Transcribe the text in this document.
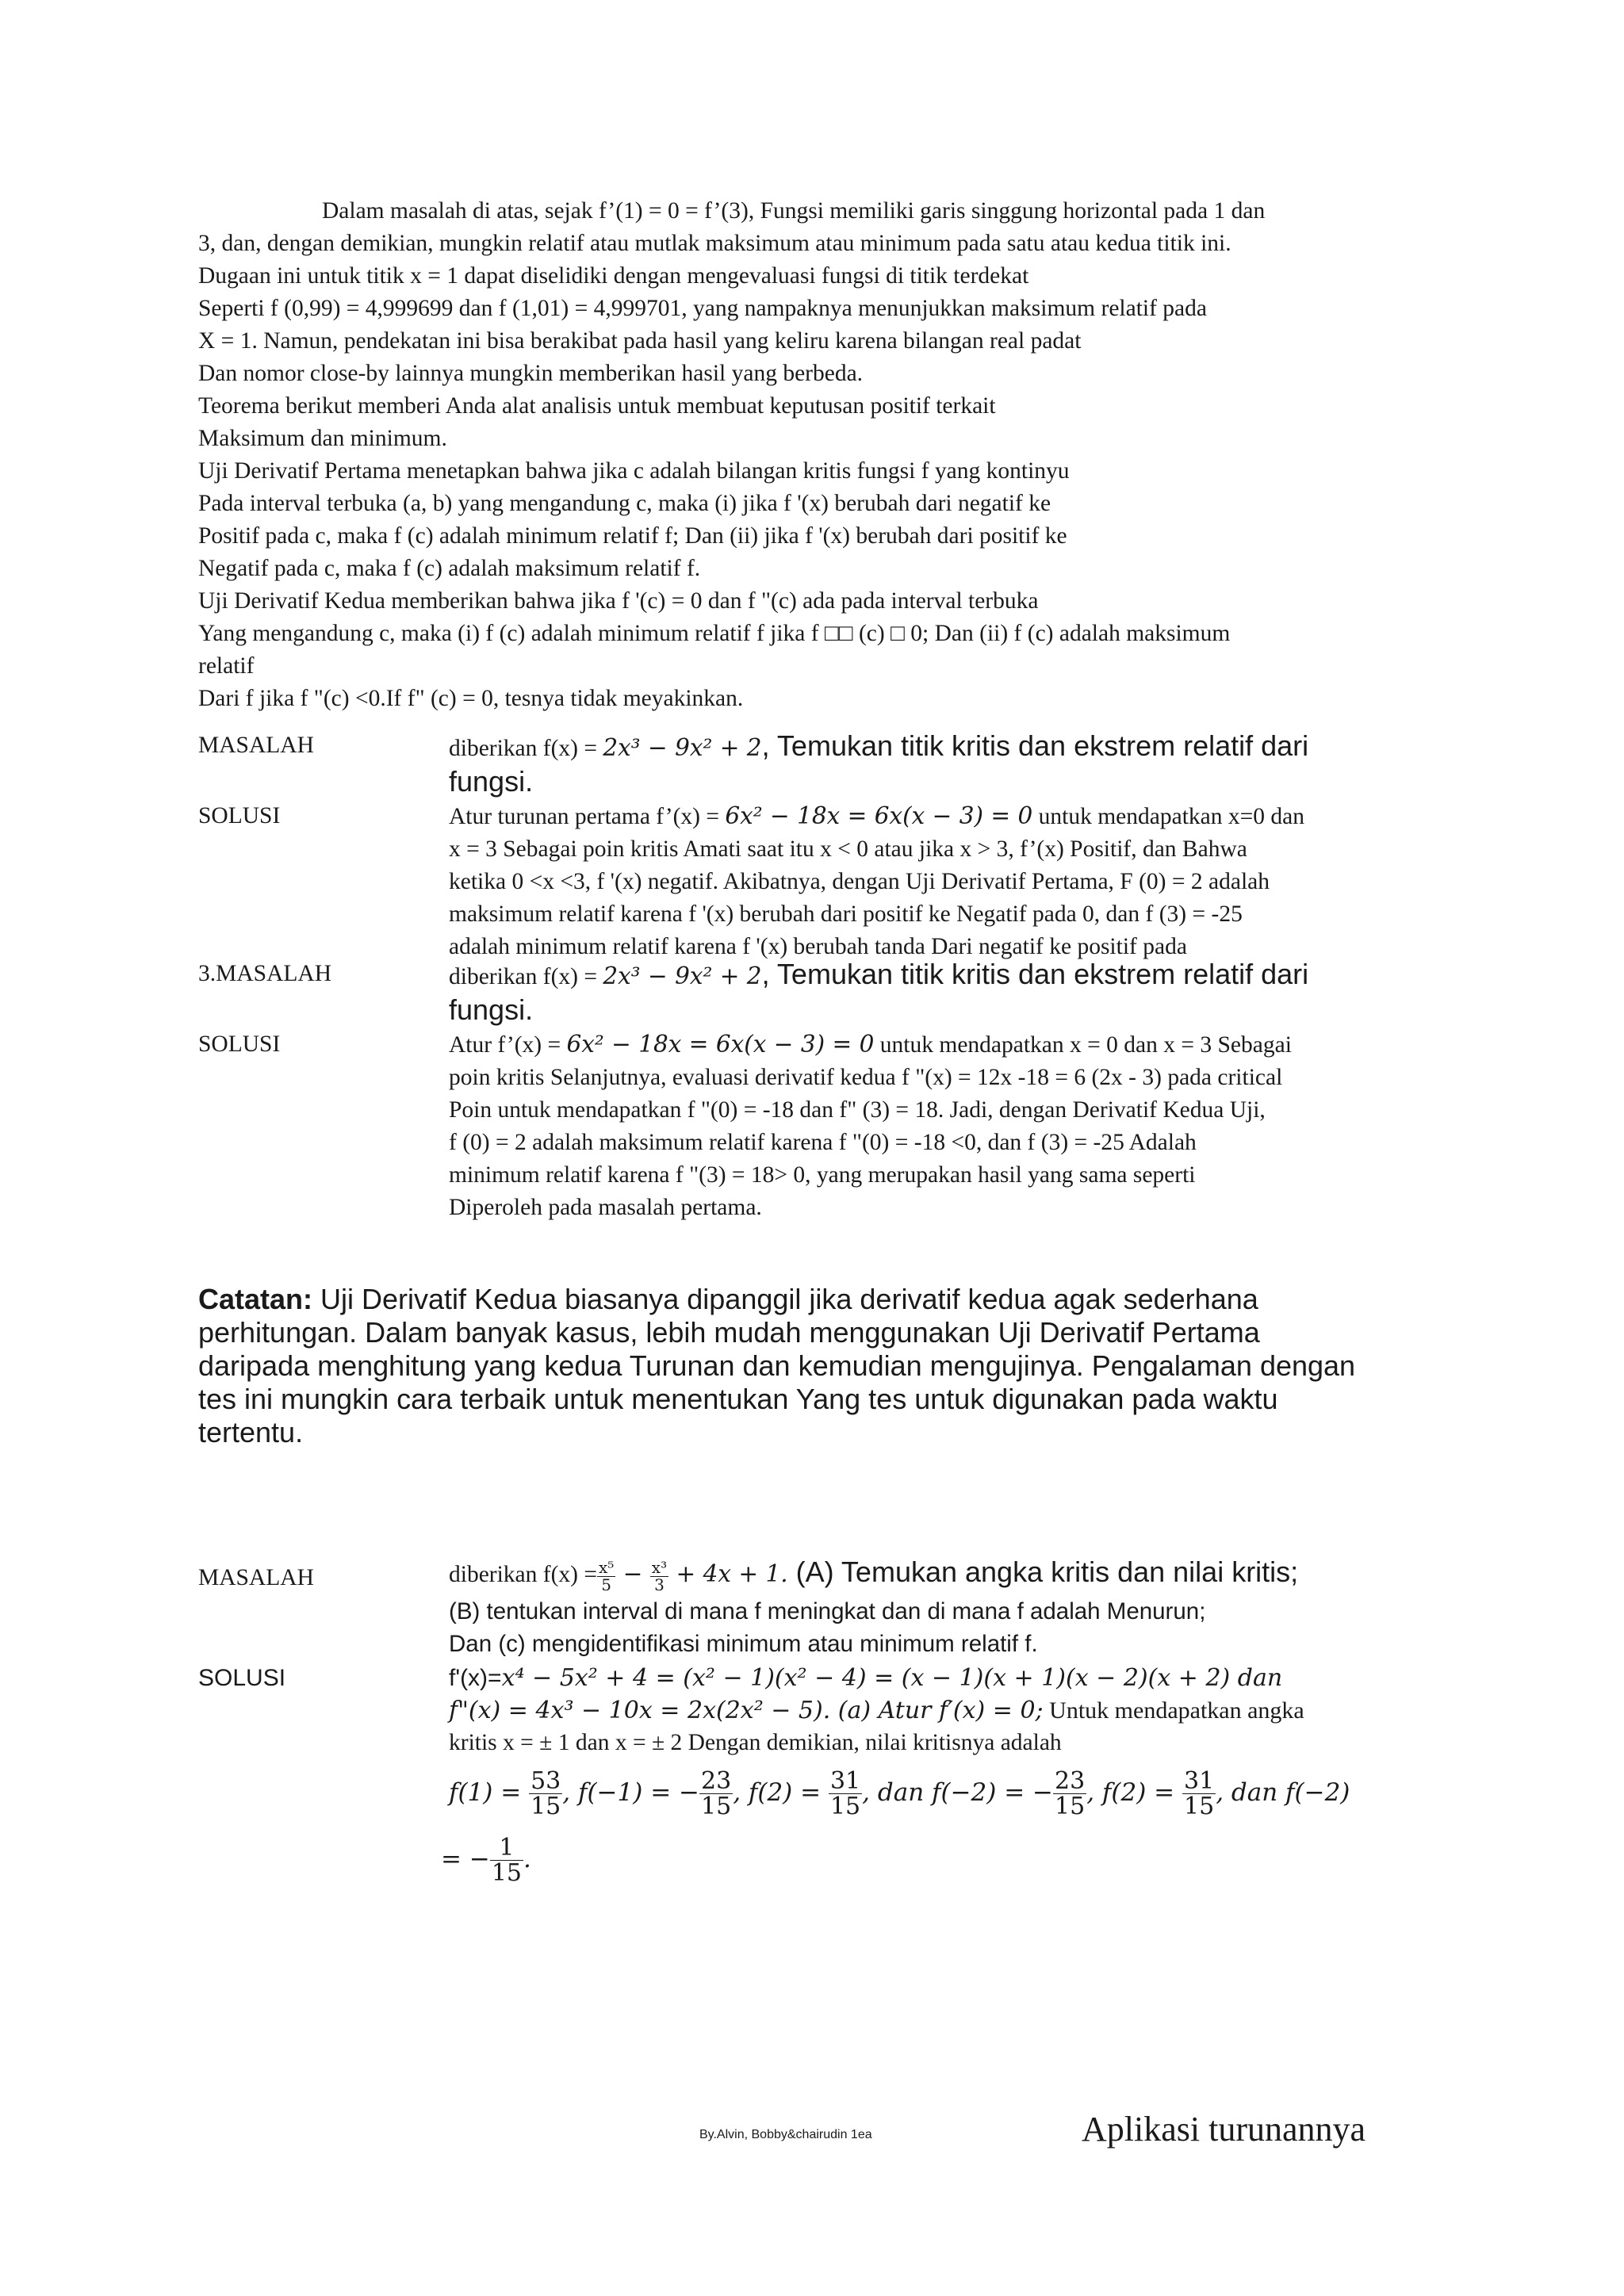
Dalam masalah di atas, sejak f’(1) = 0 = f’(3), Fungsi memiliki garis singgung horizontal pada 1 dan
3, dan, dengan demikian, mungkin relatif atau mutlak maksimum atau minimum pada satu atau kedua titik ini.
Dugaan ini untuk titik x = 1 dapat diselidiki dengan mengevaluasi fungsi di titik terdekat
Seperti f (0,99) = 4,999699 dan f (1,01) = 4,999701, yang nampaknya menunjukkan maksimum relatif pada
X = 1. Namun, pendekatan ini bisa berakibat pada hasil yang keliru karena bilangan real padat
Dan nomor close-by lainnya mungkin memberikan hasil yang berbeda.
Teorema berikut memberi Anda alat analisis untuk membuat keputusan positif terkait
Maksimum dan minimum.
Uji Derivatif Pertama menetapkan bahwa jika c adalah bilangan kritis fungsi f yang kontinyu
Pada interval terbuka (a, b) yang mengandung c, maka (i) jika f '(x) berubah dari negatif ke
Positif pada c, maka f (c) adalah minimum relatif f; Dan (ii) jika f '(x) berubah dari positif ke
Negatif pada c, maka f (c) adalah maksimum relatif f.
Uji Derivatif Kedua memberikan bahwa jika f '(c) = 0 dan f "(c) ada pada interval terbuka
Yang mengandung c, maka (i) f (c) adalah minimum relatif f jika f □□ (c) □ 0; Dan (ii) f (c) adalah maksimum
relatif
Dari f jika f "(c) <0.If f" (c) = 0, tesnya tidak meyakinkan.
MASALAH	diberikan f(x) = 2x³ − 9x² + 2, Temukan titik kritis dan ekstrem relatif dari
fungsi.
SOLUSI	Atur turunan pertama f’(x) = 6x² − 18x = 6x(x − 3) = 0 untuk mendapatkan x=0 dan
x = 3 Sebagai poin kritis Amati saat itu x < 0 atau jika x > 3, f’(x) Positif, dan Bahwa
ketika 0 <x <3, f '(x) negatif. Akibatnya, dengan Uji Derivatif Pertama, F (0) = 2 adalah
maksimum relatif karena f '(x) berubah dari positif ke Negatif pada 0, dan f (3) = -25
adalah minimum relatif karena f '(x) berubah tanda Dari negatif ke positif pada
3.MASALAH	diberikan f(x) = 2x³ − 9x² + 2, Temukan titik kritis dan ekstrem relatif dari
fungsi.
SOLUSI	Atur f’(x) = 6x² − 18x = 6x(x − 3) = 0 untuk mendapatkan x = 0 dan x = 3 Sebagai
poin kritis Selanjutnya, evaluasi derivatif kedua f "(x) = 12x -18 = 6 (2x - 3) pada critical
Poin untuk mendapatkan f "(0) = -18 dan f" (3) = 18. Jadi, dengan Derivatif Kedua Uji,
f (0) = 2 adalah maksimum relatif karena f "(0) = -18 <0, dan f (3) = -25 Adalah
minimum relatif karena f "(3) = 18> 0, yang merupakan hasil yang sama seperti
Diperoleh pada masalah pertama.
Catatan: Uji Derivatif Kedua biasanya dipanggil jika derivatif kedua agak sederhana
perhitungan. Dalam banyak kasus, lebih mudah menggunakan Uji Derivatif Pertama
daripada menghitung yang kedua Turunan dan kemudian mengujinya. Pengalaman dengan
tes ini mungkin cara terbaik untuk menentukan Yang tes untuk digunakan pada waktu
tertentu.
MASALAH	diberikan $f(x) = \frac{\text{x⁵}}{5} - \frac{\text{x³}}{3} + 4x + 1$. (A) Temukan angka kritis dan nilai kritis;
(B) tentukan interval di mana f meningkat dan di mana f adalah Menurun;
Dan (c) mengidentifikasi minimum atau minimum relatif f.
SOLUSI	f'(x)=x⁴ − 5x² + 4 = (x² − 1)(x² − 4) = (x − 1)(x + 1)(x − 2)(x + 2) dan
f"(x) = 4x³ − 10x = 2x(2x² − 5). (a) Atur f′(x) = 0; Untuk mendapatkan angka
kritis x = ± 1 dan x = ± 2 Dengan demikian, nilai kritisnya adalah
$f(1) = \frac{53}{15}$ , f(−1) = − $\frac{23}{15}$ , $f(2) = \frac{31}{15}$ , dan f(−2) = − $\frac{23}{15}$ , $f(2) = \frac{31}{15}$ , dan f(−2)
= − $\frac{1}{15}$ .
By.Alvin, Bobby&chairudin 1ea	Aplikasi turunannya
